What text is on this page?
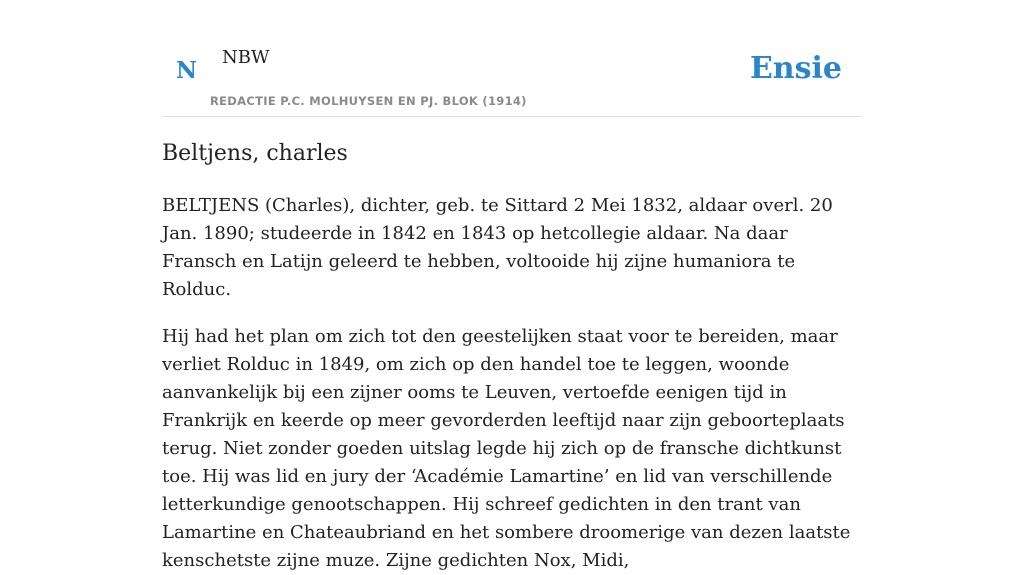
N NBW
REDACTIE P.C. MOLHUYSEN EN PJ. BLOK (1914)
Ensie
Beltjens, charles

BELTJENS (Charles), dichter, geb. te Sittard 2 Mei 1832, aldaar overl. 20 Jan. 1890; studeerde in 1842 en 1843 op hetcollegie aldaar. Na daar Fransch en Latijn geleerd te hebben, voltooide hij zijne humaniora te Rolduc.

Hij had het plan om zich tot den geestelijken staat voor te bereiden, maar verliet Rolduc in 1849, om zich op den handel toe te leggen, woonde aanvankelijk bij een zijner ooms te Leuven, vertoefde eenigen tijd in Frankrijk en keerde op meer gevorderden leeftijd naar zijn geboorteplaats terug. Niet zonder goeden uitslag legde hij zich op de fransche dichtkunst toe. Hij was lid en jury der ‘Académie Lamartine’ en lid van verschillende letterkundige genootschappen. Hij schreef gedichten in den trant van Lamartine en Chateaubriand en het sombere droomerige van dezen laatste kenschetste zijne muze. Zijne gedichten Nox, Midi,
